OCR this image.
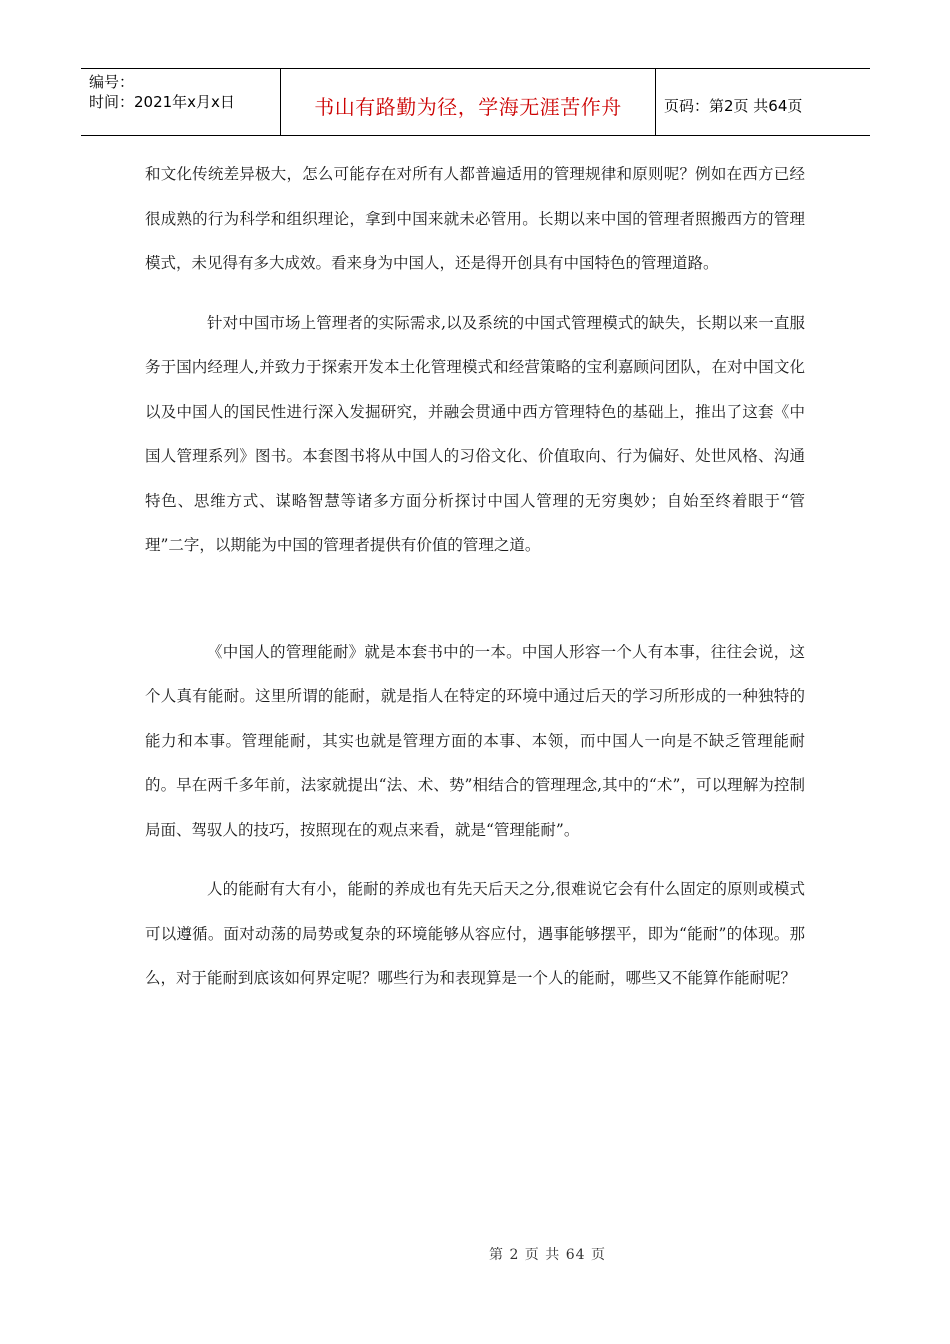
编号：
时间：2021年x月x日	书山有路勤为径，学海无涯苦作舟	页码：第2页 共64页

和文化传统差异极大，怎么可能存在对所有人都普遍适用的管理规律和原则呢？例如在西方已经很成熟的行为科学和组织理论，拿到中国来就未必管用。长期以来中国的管理者照搬西方的管理模式，未见得有多大成效。看来身为中国人，还是得开创具有中国特色的管理道路。

针对中国市场上管理者的实际需求,以及系统的中国式管理模式的缺失，长期以来一直服务于国内经理人,并致力于探索开发本土化管理模式和经营策略的宝利嘉顾问团队，在对中国文化以及中国人的国民性进行深入发掘研究，并融会贯通中西方管理特色的基础上，推出了这套《中国人管理系列》图书。本套图书将从中国人的习俗文化、价值取向、行为偏好、处世风格、沟通特色、思维方式、谋略智慧等诸多方面分析探讨中国人管理的无穷奥妙；自始至终着眼于“管理”二字，以期能为中国的管理者提供有价值的管理之道。

《中国人的管理能耐》就是本套书中的一本。中国人形容一个人有本事，往往会说，这个人真有能耐。这里所谓的能耐，就是指人在特定的环境中通过后天的学习所形成的一种独特的能力和本事。管理能耐，其实也就是管理方面的本事、本领，而中国人一向是不缺乏管理能耐的。早在两千多年前，法家就提出“法、术、势”相结合的管理理念,其中的“术”，可以理解为控制局面、驾驭人的技巧，按照现在的观点来看，就是“管理能耐”。

人的能耐有大有小，能耐的养成也有先天后天之分,很难说它会有什么固定的原则或模式可以遵循。面对动荡的局势或复杂的环境能够从容应付，遇事能够摆平，即为“能耐”的体现。那么，对于能耐到底该如何界定呢？哪些行为和表现算是一个人的能耐，哪些又不能算作能耐呢？

第 2 页 共 64 页
